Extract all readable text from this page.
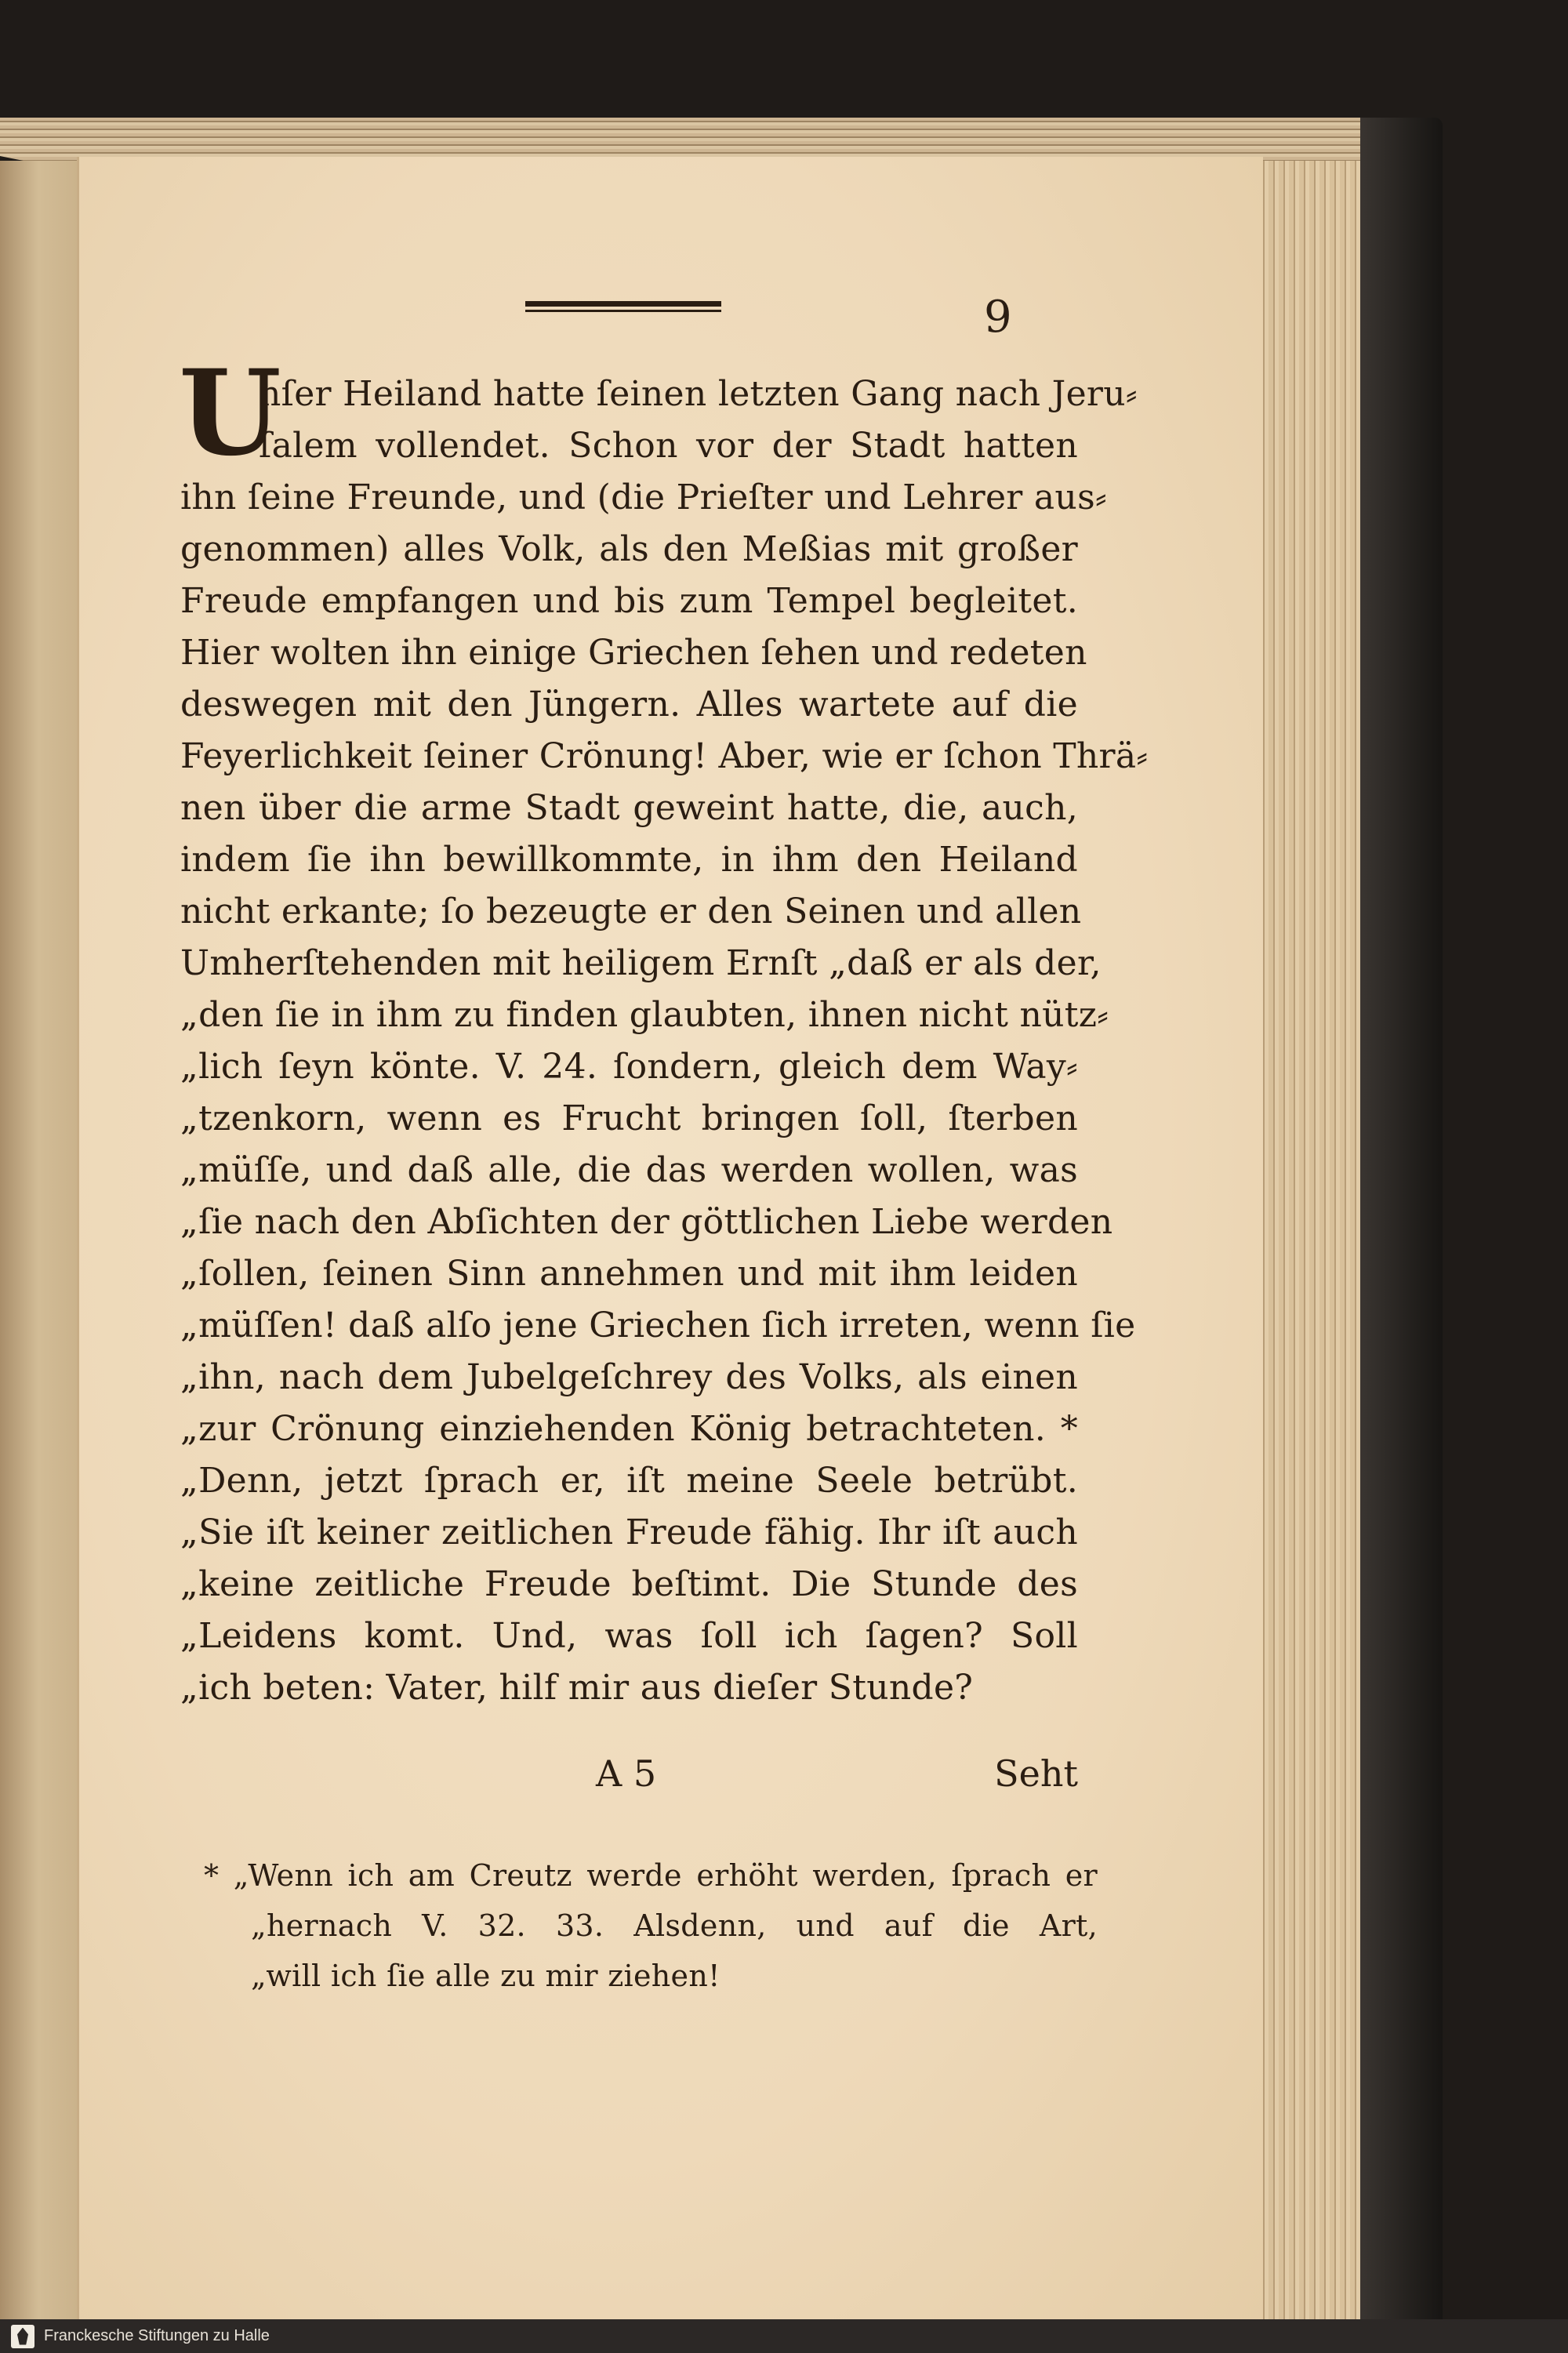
9
U
nſer Heiland hatte ſeinen letzten Gang nach Jeru⸗
ſalem vollendet. Schon vor der Stadt hatten
ihn ſeine Freunde, und (die Prieſter und Lehrer aus⸗
genommen) alles Volk, als den Meßias mit großer
Freude empfangen und bis zum Tempel begleitet.
Hier wolten ihn einige Griechen ſehen und redeten
deswegen mit den Jüngern. Alles wartete auf die
Feyerlichkeit ſeiner Crönung! Aber, wie er ſchon Thrä⸗
nen über die arme Stadt geweint hatte, die, auch,
indem ſie ihn bewillkommte, in ihm den Heiland
nicht erkante; ſo bezeugte er den Seinen und allen
Umherſtehenden mit heiligem Ernſt „daß er als der,
„den ſie in ihm zu finden glaubten, ihnen nicht nütz⸗
„lich ſeyn könte. V. 24. ſondern, gleich dem Way⸗
„tzenkorn, wenn es Frucht bringen ſoll, ſterben
„müſſe, und daß alle, die das werden wollen, was
„ſie nach den Abſichten der göttlichen Liebe werden
„ſollen, ſeinen Sinn annehmen und mit ihm leiden
„müſſen! daß alſo jene Griechen ſich irreten, wenn ſie
„ihn, nach dem Jubelgeſchrey des Volks, als einen
„zur Crönung einziehenden König betrachteten. *
„Denn, jetzt ſprach er, iſt meine Seele betrübt.
„Sie iſt keiner zeitlichen Freude fähig. Ihr iſt auch
„keine zeitliche Freude beſtimt. Die Stunde des
„Leidens komt. Und, was ſoll ich ſagen? Soll
„ich beten: Vater, hilf mir aus dieſer Stunde?
A 5	Seht
* „Wenn ich am Creutz werde erhöht werden, ſprach er
„hernach V. 32. 33. Alsdenn, und auf die Art,
„will ich ſie alle zu mir ziehen!
Franckesche Stiftungen zu Halle
